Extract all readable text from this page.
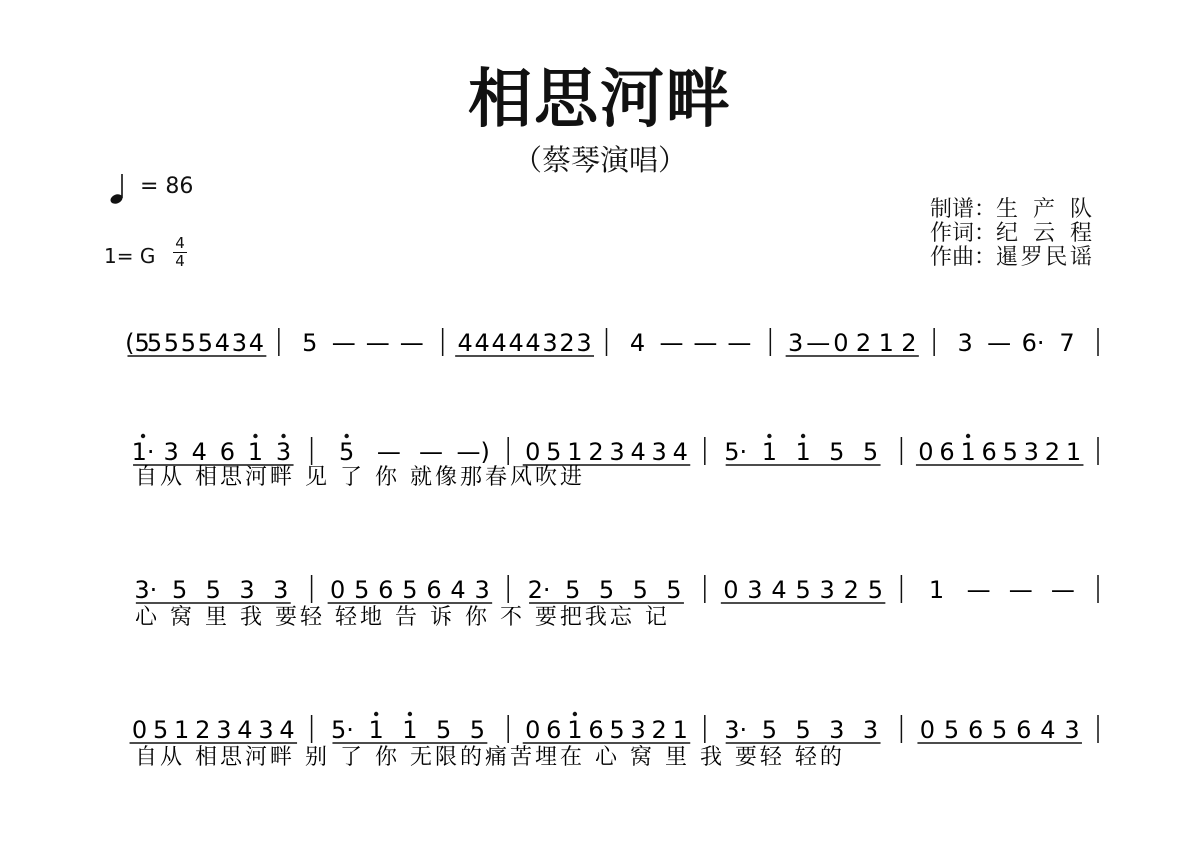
相思河畔
（蔡琴演唱）
= 86
1= G
4
4
制谱：生产队
作词：纪云程
作曲：暹罗民谣
(5
5 5 5 5 4 3 4 5 — — — 4 4 4 4 4 3 2 3 4 — — — 3 — 0 2 1 2 3 — 6· 7
1· 3 4 6 1 3 5 — — —) 0 5 1 2 3 4 3 4 5· 1 1 5 5 0 6 1 6 5 3 2 1
自从 相思河畔 见 了 你 就像那春风吹进
3· 5 5 3 3 0 5 6 5 6 4 3 2· 5 5 5 5 0 3 4 5 3 2 5 1 — — —
心 窝 里 我 要轻 轻地 告 诉 你 不 要把我忘 记
0 5 1 2 3 4 3 4 5· 1 1 5 5 0 6 1 6 5 3 2 1 3· 5 5 3 3 0 5 6 5 6 4 3
自从 相思河畔 别 了 你 无限的痛苦埋在 心 窝 里 我 要轻 轻的
